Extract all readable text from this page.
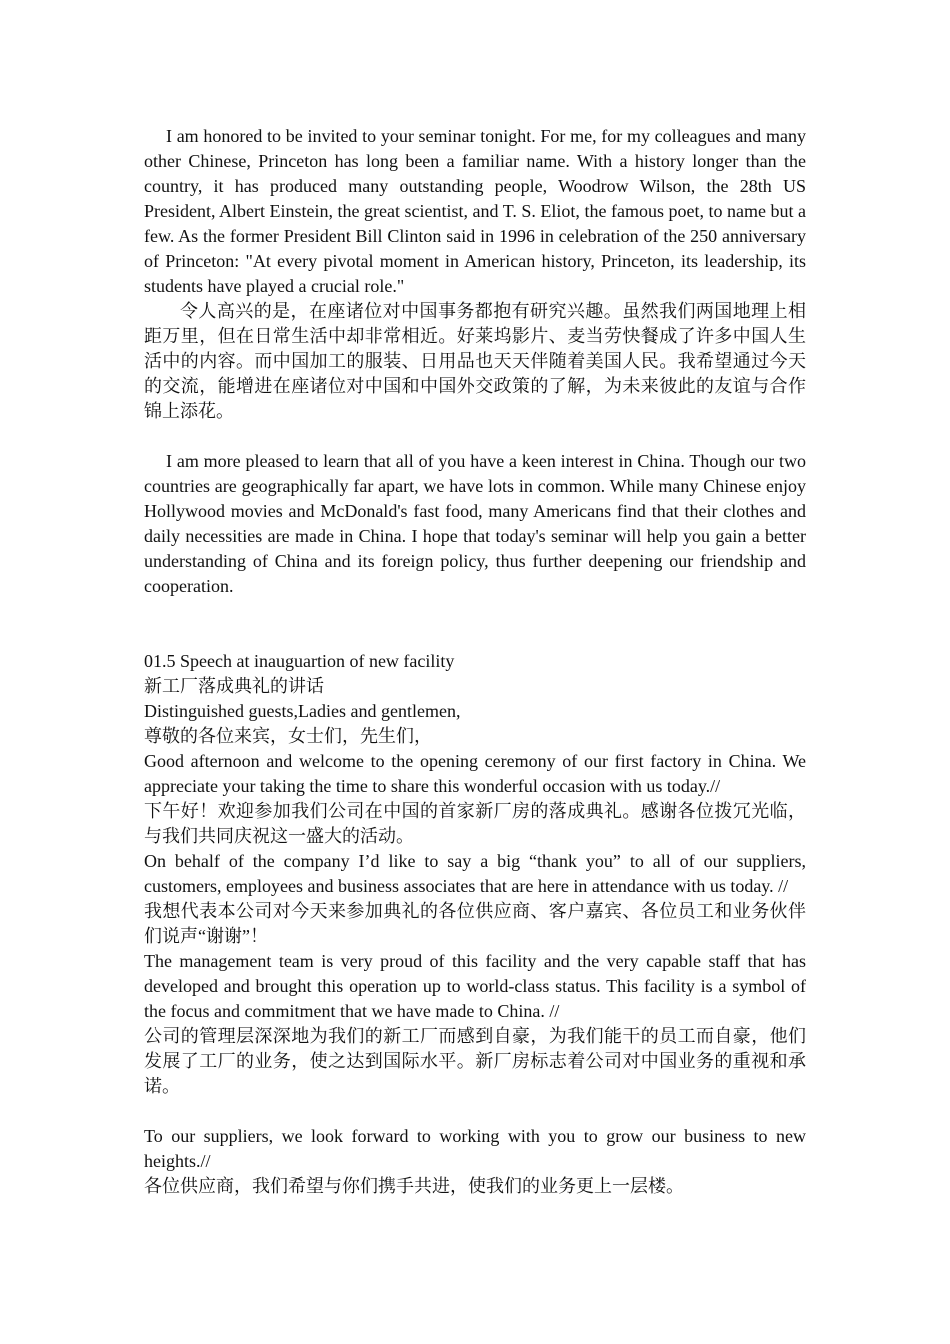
I am honored to be invited to your seminar tonight. For me, for my colleagues and many other Chinese, Princeton has long been a familiar name. With a history longer than the country, it has produced many outstanding people, Woodrow Wilson, the 28th US President, Albert Einstein, the great scientist, and T. S. Eliot, the famous poet, to name but a few. As the former President Bill Clinton said in 1996 in celebration of the 250 anniversary of Princeton: "At every pivotal moment in American history, Princeton, its leadership, its students have played a crucial role."

令人高兴的是，在座诸位对中国事务都抱有研究兴趣。虽然我们两国地理上相距万里，但在日常生活中却非常相近。好莱坞影片、麦当劳快餐成了许多中国人生活中的内容。而中国加工的服装、日用品也天天伴随着美国人民。我希望通过今天的交流，能增进在座诸位对中国和中国外交政策的了解，为未来彼此的友谊与合作锦上添花。

I am more pleased to learn that all of you have a keen interest in China. Though our two countries are geographically far apart, we have lots in common. While many Chinese enjoy Hollywood movies and McDonald's fast food, many Americans find that their clothes and daily necessities are made in China. I hope that today's seminar will help you gain a better understanding of China and its foreign policy, thus further deepening our friendship and cooperation.

01.5 Speech at inauguartion of new facility

新工厂落成典礼的讲话

Distinguished guests,Ladies and gentlemen,

尊敬的各位来宾，女士们，先生们，

Good afternoon and welcome to the opening ceremony of our first factory in China. We appreciate your taking the time to share this wonderful occasion with us today.//

下午好！欢迎参加我们公司在中国的首家新厂房的落成典礼。感谢各位拨冗光临，与我们共同庆祝这一盛大的活动。

On behalf of the company I’d like to say a big “thank you” to all of our suppliers, customers, employees and business associates that are here in attendance with us today. //

我想代表本公司对今天来参加典礼的各位供应商、客户嘉宾、各位员工和业务伙伴们说声“谢谢”！

The management team is very proud of this facility and the very capable staff that has developed and brought this operation up to world-class status. This facility is a symbol of the focus and commitment that we have made to China. //

公司的管理层深深地为我们的新工厂而感到自豪，为我们能干的员工而自豪，他们发展了工厂的业务，使之达到国际水平。新厂房标志着公司对中国业务的重视和承诺。

To our suppliers, we look forward to working with you to grow our business to new heights.//

各位供应商，我们希望与你们携手共进，使我们的业务更上一层楼。
